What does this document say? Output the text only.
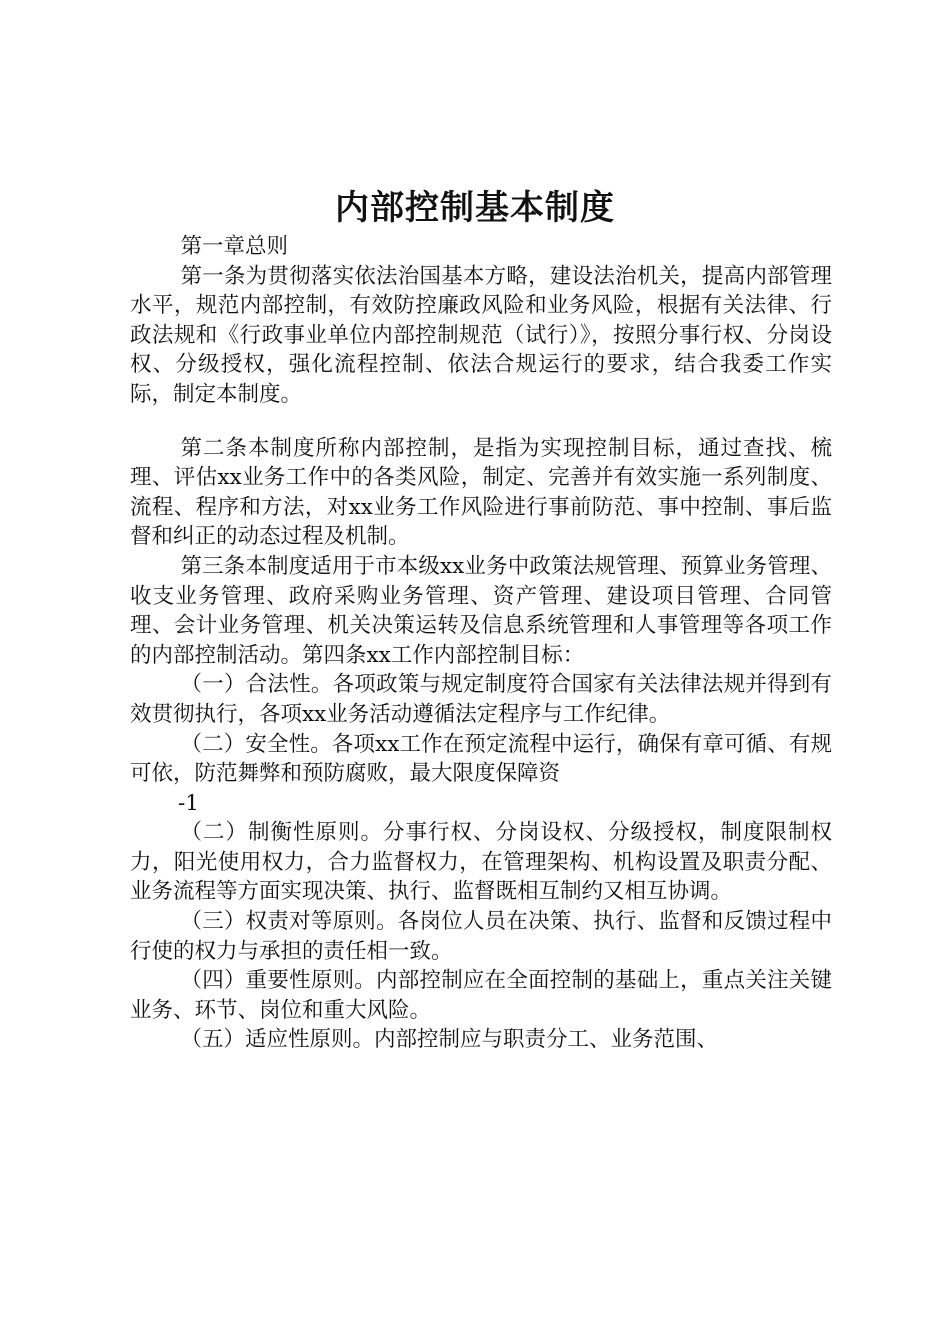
内部控制基本制度

第一章总则

第一条为贯彻落实依法治国基本方略，建设法治机关，提高内部管理水平，规范内部控制，有效防控廉政风险和业务风险，根据有关法律、行政法规和《行政事业单位内部控制规范（试行）》，按照分事行权、分岗设权、分级授权，强化流程控制、依法合规运行的要求，结合我委工作实际，制定本制度。

第二条本制度所称内部控制，是指为实现控制目标，通过查找、梳理、评估xx业务工作中的各类风险，制定、完善并有效实施一系列制度、流程、程序和方法，对xx业务工作风险进行事前防范、事中控制、事后监督和纠正的动态过程及机制。

第三条本制度适用于市本级xx业务中政策法规管理、预算业务管理、收支业务管理、政府采购业务管理、资产管理、建设项目管理、合同管理、会计业务管理、机关决策运转及信息系统管理和人事管理等各项工作的内部控制活动。第四条xx工作内部控制目标：

（一）合法性。各项政策与规定制度符合国家有关法律法规并得到有效贯彻执行，各项xx业务活动遵循法定程序与工作纪律。

（二）安全性。各项xx工作在预定流程中运行，确保有章可循、有规可依，防范舞弊和预防腐败，最大限度保障资

-1

（二）制衡性原则。分事行权、分岗设权、分级授权，制度限制权力，阳光使用权力，合力监督权力，在管理架构、机构设置及职责分配、业务流程等方面实现决策、执行、监督既相互制约又相互协调。

（三）权责对等原则。各岗位人员在决策、执行、监督和反馈过程中行使的权力与承担的责任相一致。

（四）重要性原则。内部控制应在全面控制的基础上，重点关注关键业务、环节、岗位和重大风险。

（五）适应性原则。内部控制应与职责分工、业务范围、
